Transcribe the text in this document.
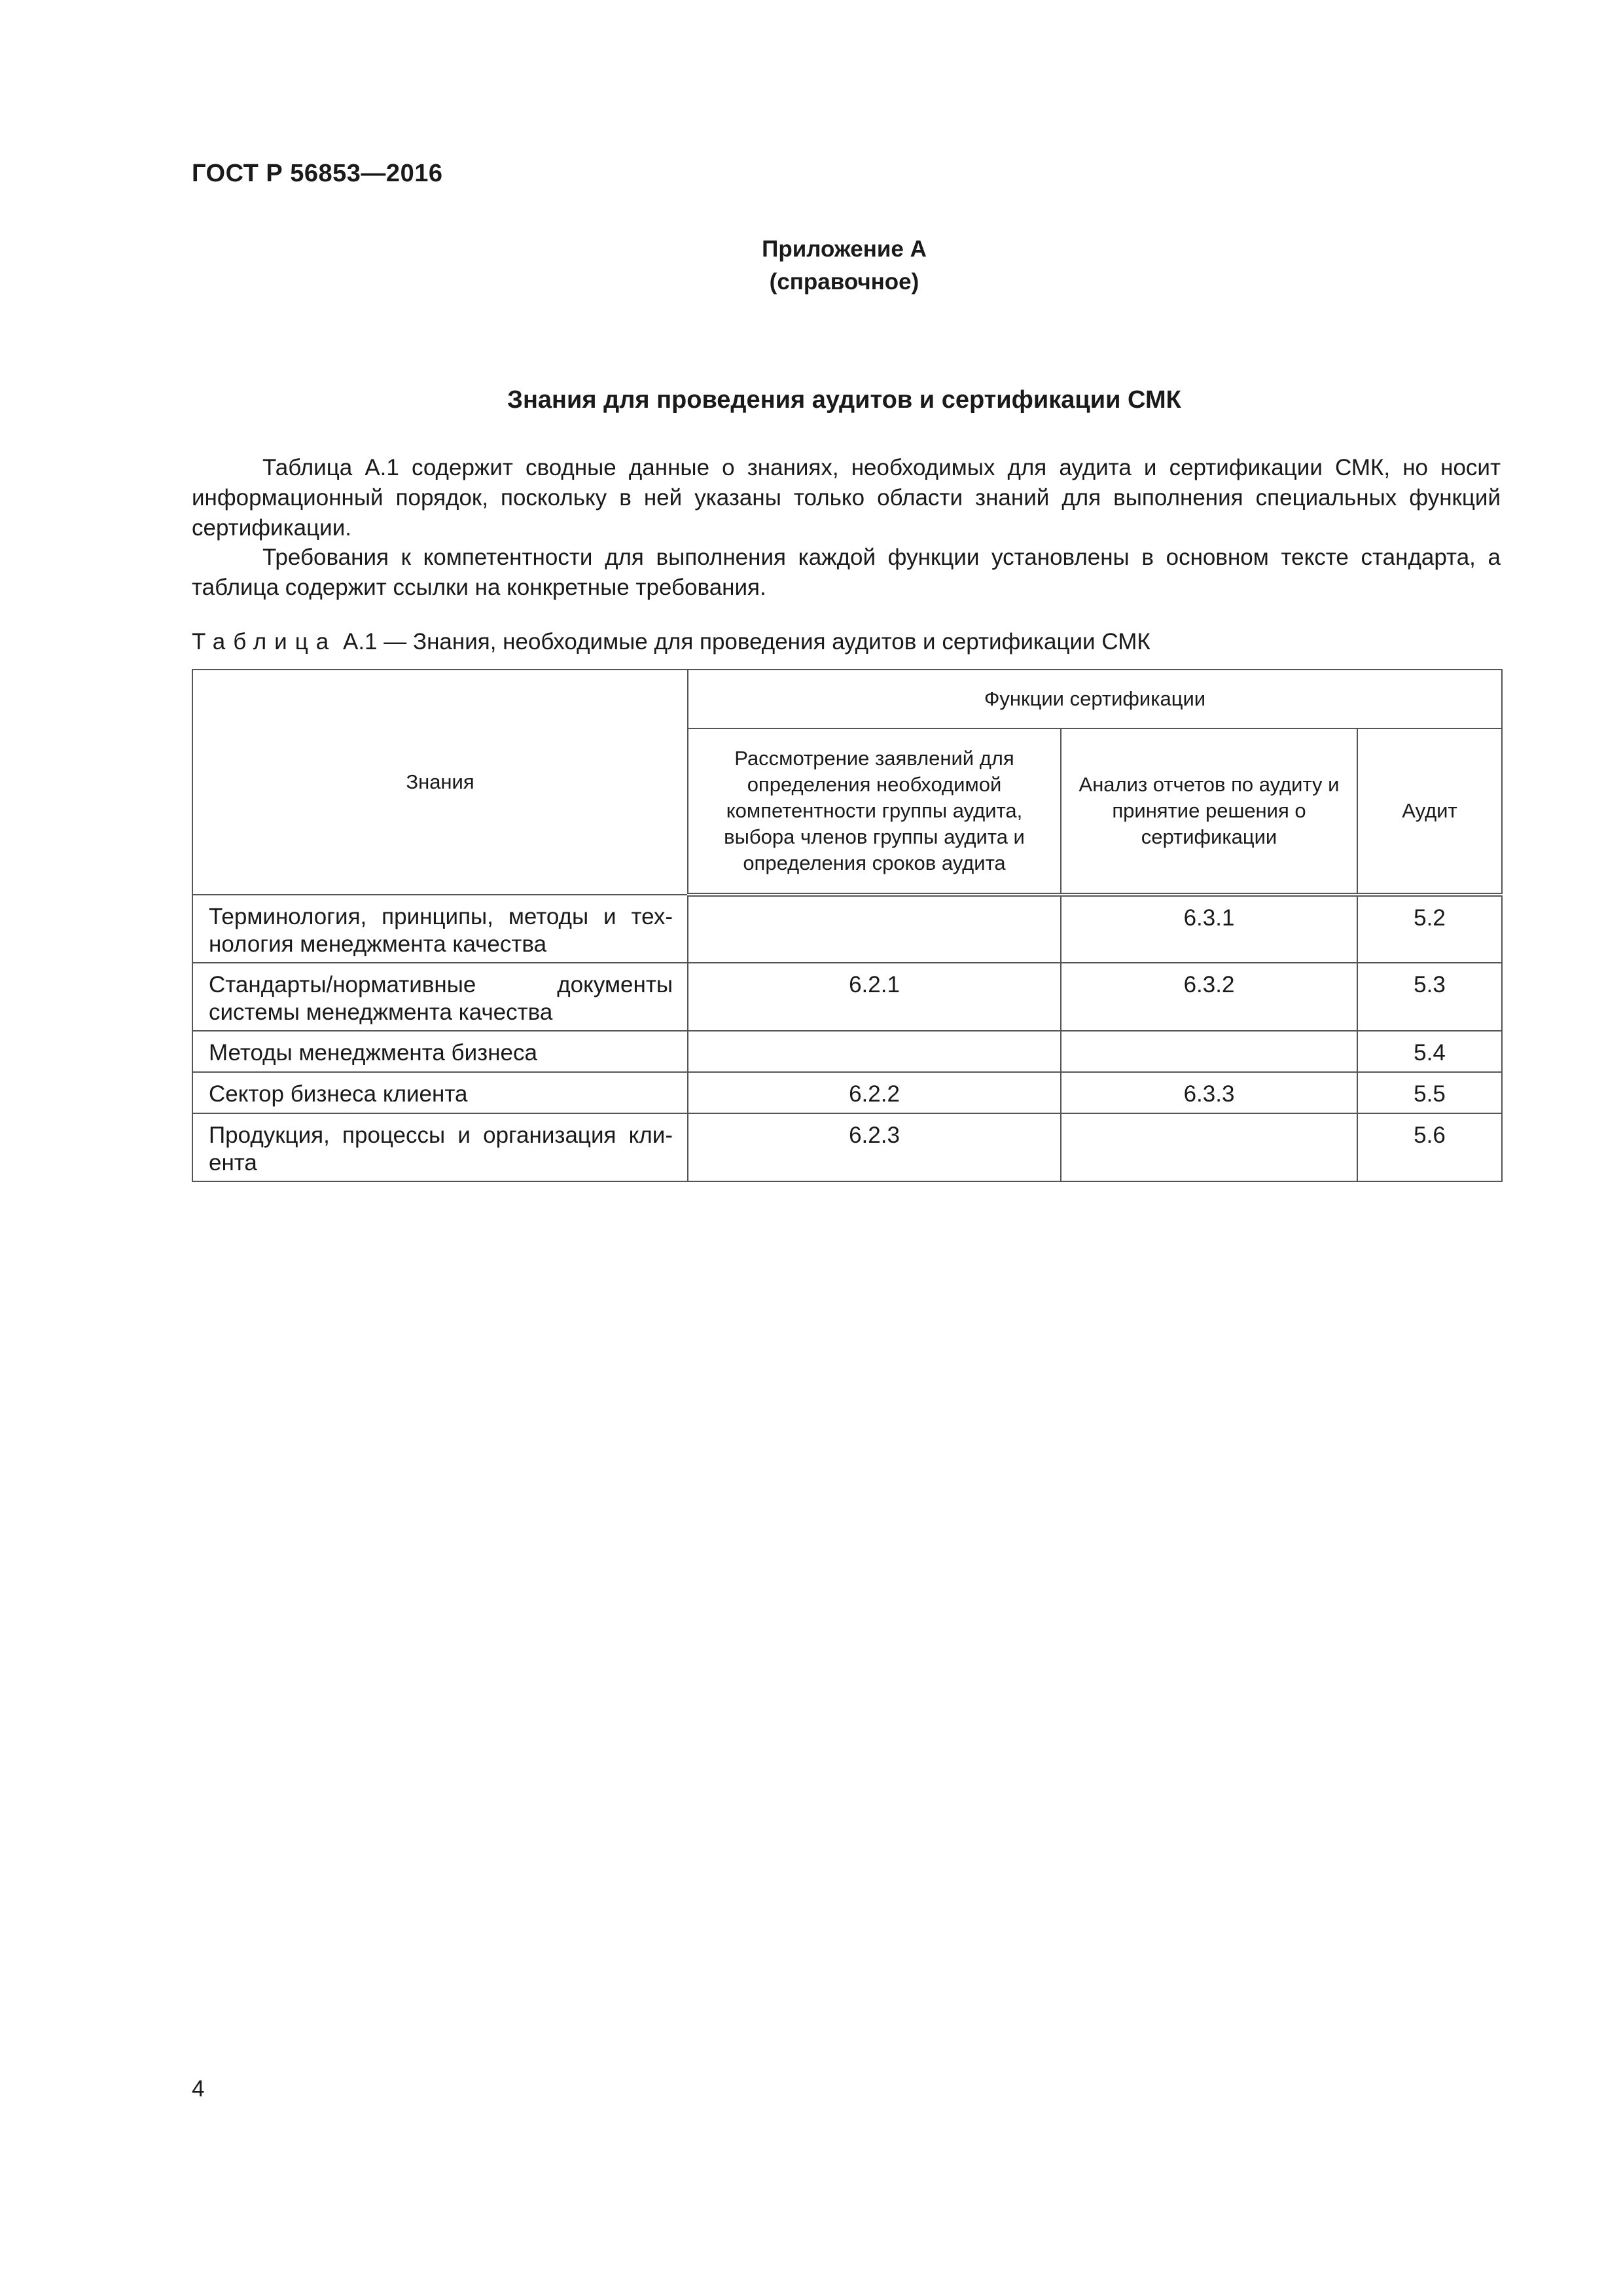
ГОСТ Р 56853—2016
Приложение А
(справочное)
Знания для проведения аудитов и сертификации СМК

Таблица А.1 содержит сводные данные о знаниях, необходимых для аудита и сертификации СМК, но носит информационный порядок, поскольку в ней указаны только области знаний для выполнения специальных функций сертификации.

Требования к компетентности для выполнения каждой функции установлены в основном тексте стандарта, а таблица содержит ссылки на конкретные требования.

Таблица А.1 — Знания, необходимые для проведения аудитов и сертификации СМК
Знания	Функции сертификации		
	Рассмотрение заявлений для определения необходимой компетентности группы аудита, выбора членов группы аудита и определения сроков аудита	Анализ отчетов по аудиту и принятие решения о сертификации	Аудит
Терминология, принципы, методы и технология менеджмента качества		6.3.1	5.2
Стандарты/нормативные документы системы менеджмента качества	6.2.1	6.3.2	5.3
Методы менеджмента бизнеса			5.4
Сектор бизнеса клиента	6.2.2	6.3.3	5.5
Продукция, процессы и организация клиента	6.2.3		5.6
4
